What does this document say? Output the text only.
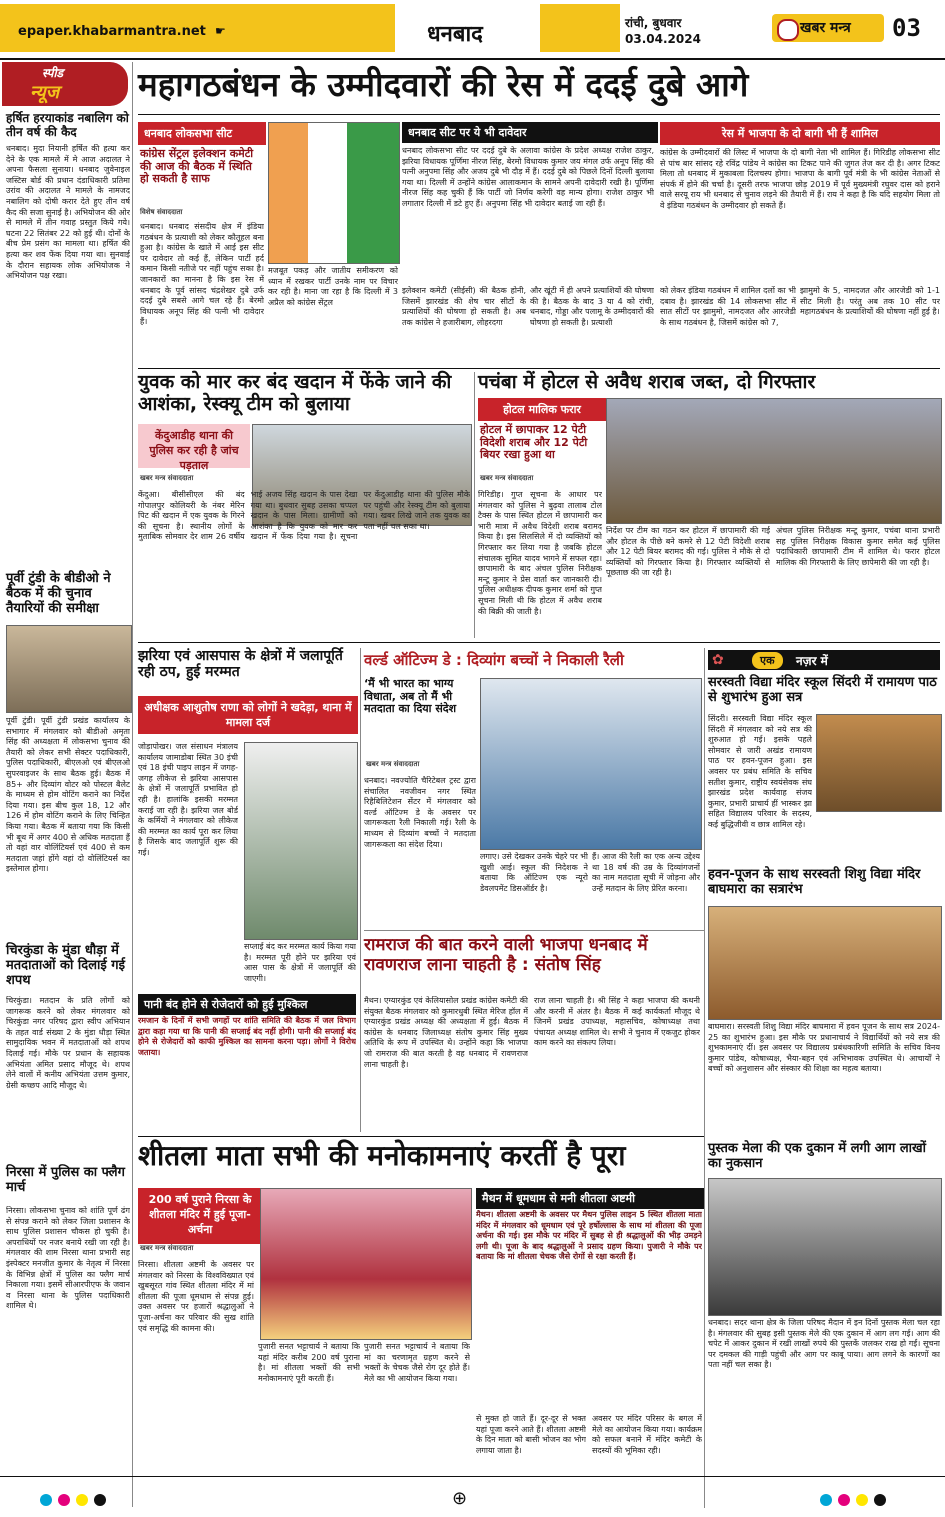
epaper.khabarmantra.net ☛	धनबाद	रांची, बुधवार
03.04.2024
खबर मन्त्र 03
स्पीड
न्यूज
हर्षित हरयाकांड नबालिग को तीन वर्ष की कैद
धनबाद। मुदा नियानी हर्षित की हत्या कर देने के एक मामले में मे आज अदालत ने अपना फैसला सुनाया। धनबाद जुवेनाइल जस्टिस बोर्ड की प्रधान दंडाधिकारी प्रतिमा उरांव की अदालत ने मामले के नामजद नबालिग को दोषी करार देते हुए तीन वर्ष कैद की सजा सुनाई है। अभियोजन की ओर से मामले में तीन गवाह प्रस्तुत किये गये। घटना 22 सितंबर 22 को हुई थी। दोनों के बीच प्रेम प्रसंग का मामला था। हर्षित की हत्या कर शव फेंक दिया गया था। सुनवाई के दौरान सहायक लोक अभियोजक ने अभियोजन पक्ष रखा।
पूर्वी टुंडी के बीडीओ ने बैठक में की चुनाव तैयारियों की समीक्षा
पूर्वी टुंडी। पूर्वी टुंडी प्रखंड कार्यालय के सभागार में मंगलवार को बीडीओ अमृता सिंह की अध्यक्षता में लोकसभा चुनाव की तैयारी को लेकर सभी सेक्टर पदाधिकारी, पुलिस पदाधिकारी, बीएलओ एवं बीएलओ सुपरवाइजर के साथ बैठक हुई। बैठक में 85+ और दिव्यांग वोटर को पोस्टल बैलेट के माध्यम से होम वोटिंग कराने का निर्देश दिया गया। इस बीच कुल 18, 12 और 126 में होम वोटिंग कराने के लिए चिन्हित किया गया। बैठक में बताया गया कि किसी भी बूथ में अगर 400 से अधिक मतदाता हैं तो वहां वार वोलिंटियर्स एवं 400 से कम मतदाता जहां होंगे वहां दो वोलिंटियर्स का इस्तेमाल होगा।
चिरकुंडा के मुंडा धौड़ा में मतदाताओं को दिलाई गई शपथ
चिरकुंडा। मतदान के प्रति लोगों को जागरूक करने को लेकर मंगलवार को चिरकुंडा नगर परिषद द्वारा स्वीप अभियान के तहत वार्ड संख्या 2 के मुंडा धौड़ा स्थित सामुदायिक भवन में मतदाताओं को शपथ दिलाई गई। मौके पर प्रधान के सहायक अभियंता अमित प्रसाद मौजूद थे। शपथ लेने वालों में कनीय अभियंता उत्तम कुमार, ग्रेसी कच्छप आदि मौजूद थे।
निरसा में पुलिस का फ्लैग मार्च
निरसा। लोकसभा चुनाव को शांति पूर्ण ढंग से संपन्न कराने को लेकर जिला प्रशासन के साथ पुलिस प्रशासन चौकस हो चुकी है। अपराधियों पर नजर बनाये रखी जा रही है। मंगलवार की शाम निरसा थाना प्रभारी सह इंस्पेक्टर मनजीत कुमार के नेतृत्व में निरसा के विभिन्न क्षेत्रों में पुलिस का फ्लैग मार्च निकाला गया। इसमें सीआरपीएफ के जवान व निरसा थाना के पुलिस पदाधिकारी शामिल थे।
महागठबंधन के उम्मीदवारों की रेस में ददई दुबे आगे
धनबाद लोकसभा सीट
कांग्रेस सेंट्रल इलेक्शन कमेटी की आज की बैठक में स्थिति हो सकती है साफ
विशेष संवाददाता
धनबाद। धनबाद संसदीय क्षेत्र में इंडिया गठबंधन के प्रत्याशी को लेकर कौतूहल बना हुआ है। कांग्रेस के खाते में आई इस सीट पर दावेदार तो कई हैं, लेकिन पार्टी हर्द कमान किसी नतीजे पर नहीं पहुंच सका है। जानकारों का मानना है कि इस रेस में धनबाद के पूर्व सांसद चंद्रशेखर दुबे उर्फ ददई दुबे सबसे आगे चल रहे हैं। बेरमो विधायक अनूप सिंह की पत्नी भी दावेदार हैं।
मजबूत पकड़ और जातीय समीकरण को ध्यान में रखकर पार्टी उनके नाम पर विचार कर रही है। माना जा रहा है कि दिल्ली में 3 अप्रैल को कांग्रेस सेंट्रल
धनबाद सीट पर ये भी दावेदार
धनबाद लोकसभा सीट पर ददई दुबे के अलावा कांग्रेस के प्रदेश अध्यक्ष राजेश ठाकुर, झरिया विधायक पूर्णिमा नीरज सिंह, बेरमो विधायक कुमार जय मंगल उर्फ अनूप सिंह की पत्नी अनुपमा सिंह और अजय दुबे भी दौड़ में हैं। ददई दुबे को पिछले दिनों दिल्ली बुलाया गया था। दिल्ली में उन्होंने कांग्रेस आलाकमान के सामने अपनी दावेदारी रखी है। पूर्णिमा नीरज सिंह कह चुकी हैं कि पार्टी जो निर्णय करेगी वह मान्य होगा। राजेश ठाकुर भी लगातार दिल्ली में डटे हुए हैं। अनुपमा सिंह भी दावेदार बताई जा रही हैं।
इलेक्शन कमेटी (सीईसी) की बैठक होनी, जिसमें झारखंड की शेष चार सीटों के प्रत्याशियों की घोषणा हो सकती है। अब तक कांग्रेस ने हजारीबाग, लोहरदगा
और खूंटी में ही अपने प्रत्याशियों की घोषणा की है। बैठक के बाद 3 या 4 को रांची, धनबाद, गोड्डा और पलामू के उम्मीदवारों की घोषणा हो सकती है। प्रत्याशी
रेस में भाजपा के दो बागी भी हैं शामिल
कांग्रेस के उम्मीदवारों की लिस्ट में भाजपा के दो बागी नेता भी शामिल हैं। गिरिडीह लोकसभा सीट से पांच बार सांसद रहे रविंद्र पांडेय ने कांग्रेस का टिकट पाने की जुगत तेज कर दी है। अगर टिकट मिला तो धनबाद में मुकाबला दिलचस्प होगा। भाजपा के बागी पूर्व मंत्री के भी कांग्रेस नेताओं से संपर्क में होने की चर्चा है। दूसरी तरफ भाजपा छोड़ 2019 में पूर्व मुख्यमंत्री रघुवर दास को हराने वाले सरयू राय भी धनबाद से चुनाव लड़ने की तैयारी में हैं। राय ने कहा है कि यदि सहयोग मिला तो वे इंडिया गठबंधन के उम्मीदवार हो सकते हैं।
को लेकर इंडिया गठबंधन में शामिल दलों का भी दबाव है। झारखंड की 14 लोकसभा सीट में सात सीटों पर झामुमो, नामदजत और आरजेडी के साथ गठबंधन है, जिसमें कांग्रेस को 7,
झामुमो के 5, नामदजत और आरजेडी को 1-1 सीट मिली है। परंतु अब तक 10 सीट पर महागठबंधन के प्रत्याशियों की घोषणा नहीं हुई है।
युवक को मार कर बंद खदान में फेंके जाने की आशंका, रेस्क्यू टीम को बुलाया
केंदुआडीह थाना की पुलिस कर रही है जांच पड़ताल
खबर मन्त्र संवाददाता
केंदुआ। बीसीसीएल की बंद गोपालपुर कोलियरी के नंबर मेरिन पिट की खदान में एक युवक के गिरने की सूचना है। स्थानीय लोगों के मुताबिक सोमवार देर शाम 26 वर्षीय भाई अजय सिंह खदान के पास देखा गया था। बुधवार सुबह उसका चप्पल खदान के पास मिला। ग्रामीणों को आशंका है कि युवक को मार कर खदान में फेंक दिया गया है। सूचना पर केंदुआडीह थाना की पुलिस मौके पर पहुंची और रेस्क्यू टीम को बुलाया गया। खबर लिखे जाने तक युवक का पता नहीं चल सका था।
पचंबा में होटल से अवैध शराब जब्त, दो गिरफ्तार
होटल मालिक फरार
होटल में छापाकर 12 पेटी विदेशी शराब और 12 पेटी बियर रखा हुआ था
खबर मन्त्र संवाददाता
गिरिडीह। गुप्त सूचना के आधार पर मंगलवार को पुलिस ने बुढ़वा तालाब टोल टैक्स के पास स्थित होटल में छापामारी कर भारी मात्रा में अवैध विदेशी शराब बरामद किया है। इस सिलसिले में दो व्यक्तियों को गिरफ्तार कर लिया गया है जबकि होटल संचालक सुमित यादव भागने में सफल रहा। छापामारी के बाद अंचल पुलिस निरीक्षक मन्टू कुमार ने प्रेस वार्ता कर जानकारी दी। पुलिस अधीक्षक दीपक कुमार शर्मा को गुप्त सूचना मिली थी कि होटल में अवैध शराब की बिक्री की जाती है।
निर्देश पर टीम का गठन कर होटल में छापामारी की गई और होटल के पीछे बने कमरे से 12 पेटी विदेशी शराब और 12 पेटी बियर बरामद की गई। पुलिस ने मौके से दो व्यक्तियों को गिरफ्तार किया है। गिरफ्तार व्यक्तियों से पूछताछ की जा रही है।
अंचल पुलिस निरीक्षक मन्टू कुमार, पचंबा थाना प्रभारी सह पुलिस निरीक्षक विकास कुमार समेत कई पुलिस पदाधिकारी छापामारी टीम में शामिल थे। फरार होटल मालिक की गिरफ्तारी के लिए छापेमारी की जा रही है।
झरिया एवं आसपास के क्षेत्रों में जलापूर्ति रही ठप, हुई मरम्मत
अधीक्षक आशुतोष राणा को लोगों ने खदेड़ा, थाना में मामला दर्ज
जोड़ापोखर। जल संसाधन मंत्रालय कार्यालय जामाडोबा स्थित 30 इंची एवं 18 इंची पाइप लाइन में जगह-जगह लीकेज से झरिया आसपास के क्षेत्रों में जलापूर्ति प्रभावित हो रही है। हालांकि इसकी मरम्मत कराई जा रही है। झरिया जल बोर्ड के कर्मियों ने मंगलवार को लीकेज की मरम्मत का कार्य पूरा कर लिया है जिसके बाद जलापूर्ति शुरू की गई।
सप्लाई बंद कर मरम्मत कार्य किया गया है। मरम्मत पूरी होने पर झरिया एवं आस पास के क्षेत्रों में जलापूर्ति की जाएगी।
पानी बंद होने से रोजेदारों को हुई मुश्किल
रमजान के दिनों में सभी जगहों पर शांति समिति की बैठक में जल विभाग द्वारा कहा गया था कि पानी की सप्लाई बंद नहीं होगी। पानी की सप्लाई बंद होने से रोजेदारों को काफी मुश्किल का सामना करना पड़ा। लोगों ने विरोध जताया।
वर्ल्ड ऑटिज्म डे : दिव्यांग बच्चों ने निकाली रैली
‘मैं भी भारत का भाग्य विधाता, अब तो मैं भी मतदाता का दिया संदेश
खबर मन्त्र संवाददाता
धनबाद। नवज्योति चैरिटेबल ट्रस्ट द्वारा संचालित नवजीवन नगर स्थित रिहैबिलिटेशन सेंटर में मंगलवार को वर्ल्ड ऑटिज्म डे के अवसर पर जागरूकता रैली निकाली गई। रैली के माध्यम से दिव्यांग बच्चों ने मतदाता जागरूकता का संदेश दिया।
लगाए। उसे देखकर उनके चेहरे पर भी खुशी आई। स्कूल की निदेशक ने बताया कि ऑटिज्म एक न्यूरो डेवलपमेंट डिसऑर्डर है।
हैं। आज की रैली का एक अन्य उद्देश्य था 18 वर्ष की उम्र के दिव्यांगजनों का नाम मतदाता सूची में जोड़ना और उन्हें मतदान के लिए प्रेरित करना।
रामराज की बात करने वाली भाजपा धनबाद में रावणराज लाना चाहती है : संतोष सिंह
मैथन। एग्यारकुंड एवं केलियासोल प्रखंड कांग्रेस कमेटी की संयुक्त बैठक मंगलवार को कुमारधुबी स्थित मेरिज हॉल में एग्यारकुंड प्रखंड अध्यक्ष की अध्यक्षता में हुई। बैठक में कांग्रेस के धनबाद जिलाध्यक्ष संतोष कुमार सिंह मुख्य अतिथि के रूप में उपस्थित थे। उन्होंने कहा कि भाजपा जो रामराज की बात करती है वह धनबाद में रावणराज लाना चाहती है।
राज लाना चाहती है। श्री सिंह ने कहा भाजपा की कथनी और करनी में अंतर है। बैठक में कई कार्यकर्ता मौजूद थे जिनमें प्रखंड उपाध्यक्ष, महासचिव, कोषाध्यक्ष तथा पंचायत अध्यक्ष शामिल थे। सभी ने चुनाव में एकजुट होकर काम करने का संकल्प लिया।
एक	नज़र में
✿
सरस्वती विद्या मंदिर स्कूल सिंदरी में रामायण पाठ से शुभारंभ हुआ सत्र
सिंदरी। सरस्वती विद्या मंदिर स्कूल सिंदरी में मंगलवार को नये सत्र की शुरुआत हो गई। इसके पहले सोमवार से जारी अखंड रामायण पाठ पर हवन-पूजन हुआ। इस अवसर पर प्रबंध समिति के सचिव सतीश कुमार, राष्ट्रीय स्वयंसेवक संघ झारखंड प्रदेश कार्यवाह संजय कुमार, प्रभारी प्राचार्य हीं भास्कर झा सहित विद्यालय परिवार के सदस्य, कई बुद्धिजीवी व छात्र शामिल रहे।
हवन-पूजन के साथ सरस्वती शिशु विद्या मंदिर बाघमारा का सत्रारंभ
बाघमारा। सरस्वती शिशु विद्या मंदिर बाघमारा में हवन पूजन के साथ सत्र 2024-25 का शुभारंभ हुआ। इस मौके पर प्रधानाचार्य ने विद्यार्थियों को नये सत्र की शुभकामनाएं दीं। इस अवसर पर विद्यालय प्रबंधकारिणी समिति के सचिव विनय कुमार पांडेय, कोषाध्यक्ष, भैया-बहन एवं अभिभावक उपस्थित थे। आचार्यों ने बच्चों को अनुशासन और संस्कार की शिक्षा का महत्व बताया।
पुस्तक मेला की एक दुकान में लगी आग लाखों का नुकसान
धनबाद। सदर थाना क्षेत्र के जिला परिषद मैदान में इन दिनों पुस्तक मेला चल रहा है। मंगलवार की सुबह इसी पुस्तक मेले की एक दुकान में आग लग गई। आग की चपेट में आकर दुकान में रखी लाखों रुपये की पुस्तकें जलकर राख हो गईं। सूचना पर दमकल की गाड़ी पहुंची और आग पर काबू पाया। आग लगने के कारणों का पता नहीं चल सका है।
शीतला माता सभी की मनोकामनाएं करतीं है पूरा
200 वर्ष पुराने निरसा के शीतला मंदिर में हुई पूजा-अर्चना
खबर मन्त्र संवाददाता
निरसा। शीतला अष्टमी के अवसर पर मंगलवार को निरसा के विश्वविख्यात एवं खुबसूरत गांव स्थित शीतला मंदिर में मां शीतला की पूजा धूमधाम से संपन्न हुई। उक्त अवसर पर हजारों श्रद्धालुओं ने पूजा-अर्चना कर परिवार की सुख शांति एवं समृद्धि की कामना की।
पुजारी सनत भट्टाचार्य ने बताया कि यहां मंदिर करीब 200 वर्ष पुराना है। मां शीतला भक्तों की सभी मनोकामनाएं पूरी करती हैं।
पुजारी सनत भट्टाचार्य ने बताया कि मां का चरणामृत ग्रहण करने से भक्तों के चेचक जैसे रोग दूर होते हैं। मेले का भी आयोजन किया गया।
मैथन में धूमधाम से मनी शीतला अष्टमी
मैथन। शीतला अष्टमी के अवसर पर मैथन पुलिस लाइन 5 स्थित शीतला माता मंदिर में मंगलवार को धूमधाम एवं पूरे हर्षोल्लास के साथ मां शीतला की पूजा अर्चना की गई। इस मौके पर मंदिर में सुबह से ही श्रद्धालुओं की भीड़ उमड़ने लगी थी। पूजा के बाद श्रद्धालुओं ने प्रसाद ग्रहण किया। पुजारी ने मौके पर बताया कि मां शीतला चेचक जैसे रोगों से रक्षा करती हैं।
से मुक्त हो जाते हैं। दूर-दूर से भक्त यहां पूजा करने आते हैं। शीतला अष्टमी के दिन माता को बासी भोजन का भोग लगाया जाता है।
अवसर पर मंदिर परिसर के बगल में मेले का आयोजन किया गया। कार्यक्रम को सफल बनाने में मंदिर कमेटी के सदस्यों की भूमिका रही।
⊕
